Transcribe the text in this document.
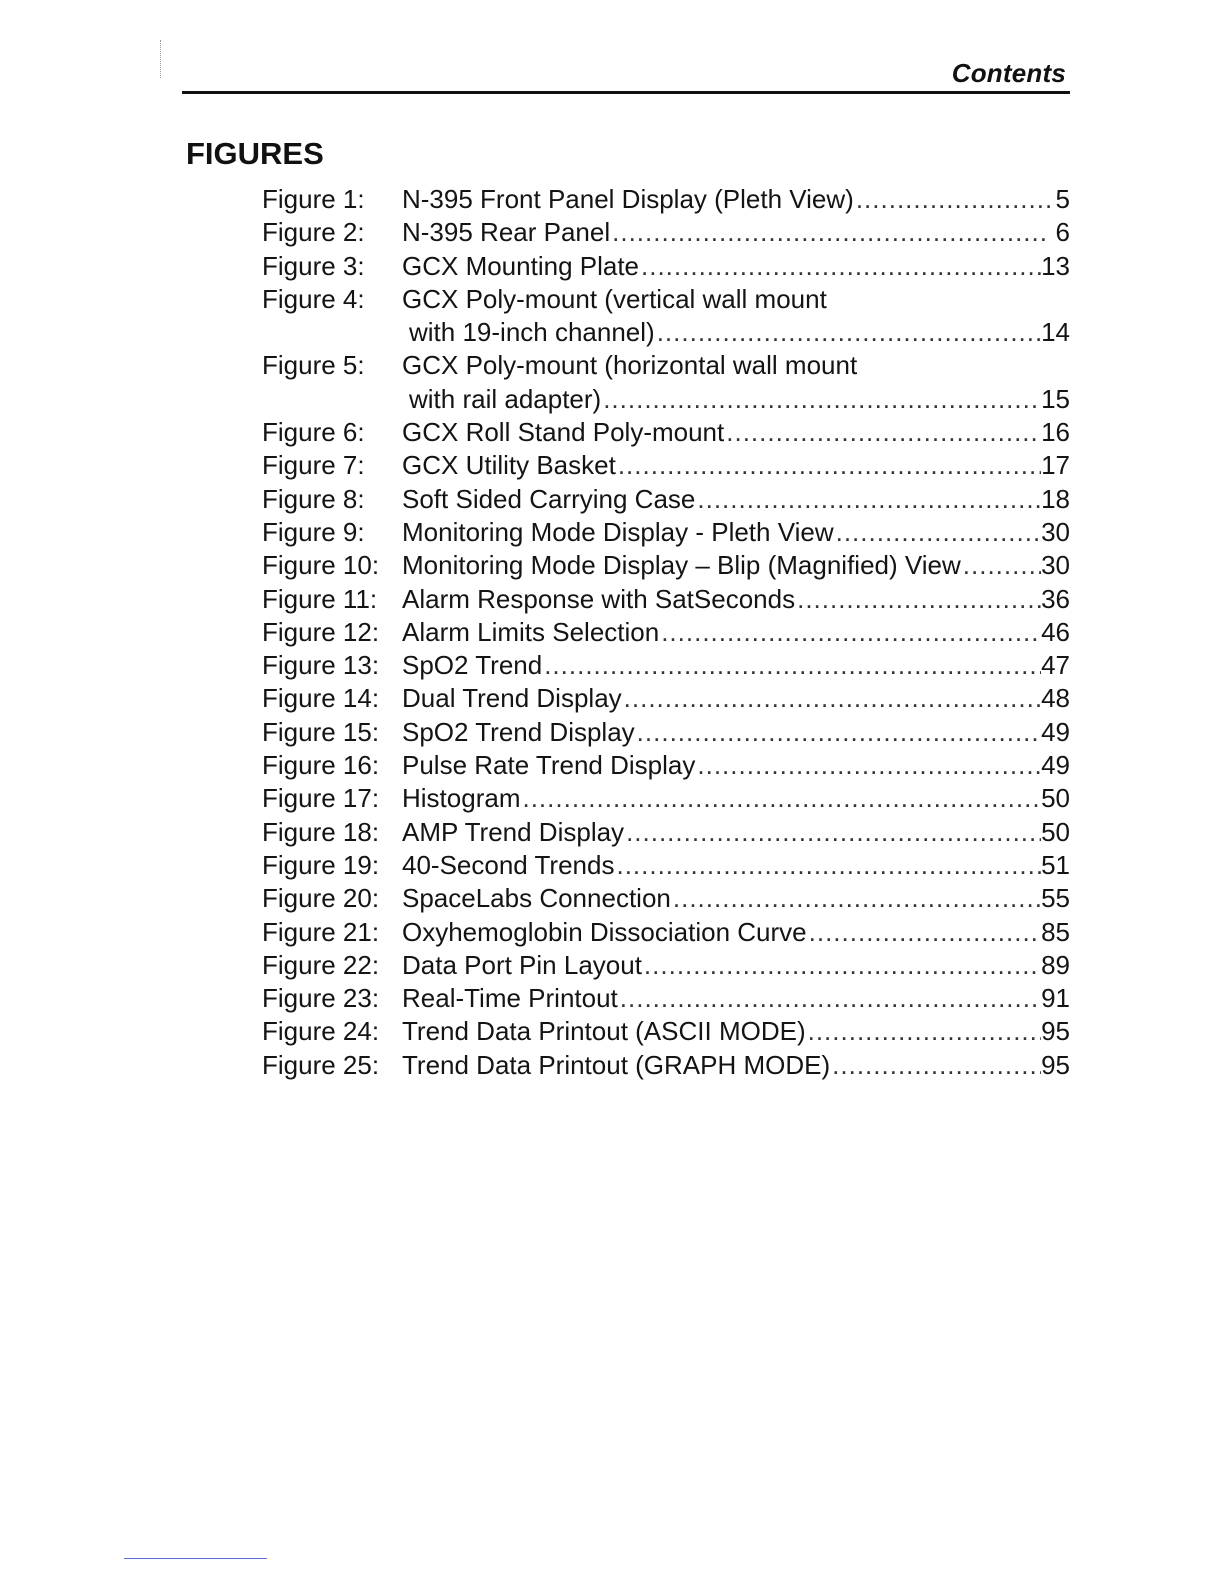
Contents
FIGURES
Figure 1:	N-395 Front Panel Display (Pleth View) .....	5
Figure 2:	N-395 Rear Panel .....	6
Figure 3:	GCX Mounting Plate .....	13
Figure 4:	GCX Poly-mount (vertical wall mount
with 19-inch channel) .....	14
Figure 5:	GCX Poly-mount (horizontal wall mount
with rail adapter) .....	15
Figure 6:	GCX Roll Stand Poly-mount .....	16
Figure 7:	GCX Utility Basket .....	17
Figure 8:	Soft Sided Carrying Case .....	18
Figure 9:	Monitoring Mode Display - Pleth View .....	30
Figure 10: Monitoring Mode Display – Blip (Magnified) View .....	30
Figure 11: Alarm Response with SatSeconds .....	36
Figure 12: Alarm Limits Selection .....	46
Figure 13: SpO2 Trend .....	47
Figure 14: Dual Trend Display .....	48
Figure 15: SpO2 Trend Display .....	49
Figure 16: Pulse Rate Trend Display .....	49
Figure 17: Histogram .....	50
Figure 18: AMP Trend Display .....	50
Figure 19: 40-Second Trends .....	51
Figure 20: SpaceLabs Connection .....	55
Figure 21: Oxyhemoglobin Dissociation Curve .....	85
Figure 22: Data Port Pin Layout .....	89
Figure 23: Real-Time Printout .....	91
Figure 24: Trend Data Printout (ASCII MODE) .....	95
Figure 25: Trend Data Printout (GRAPH MODE) .....	95
